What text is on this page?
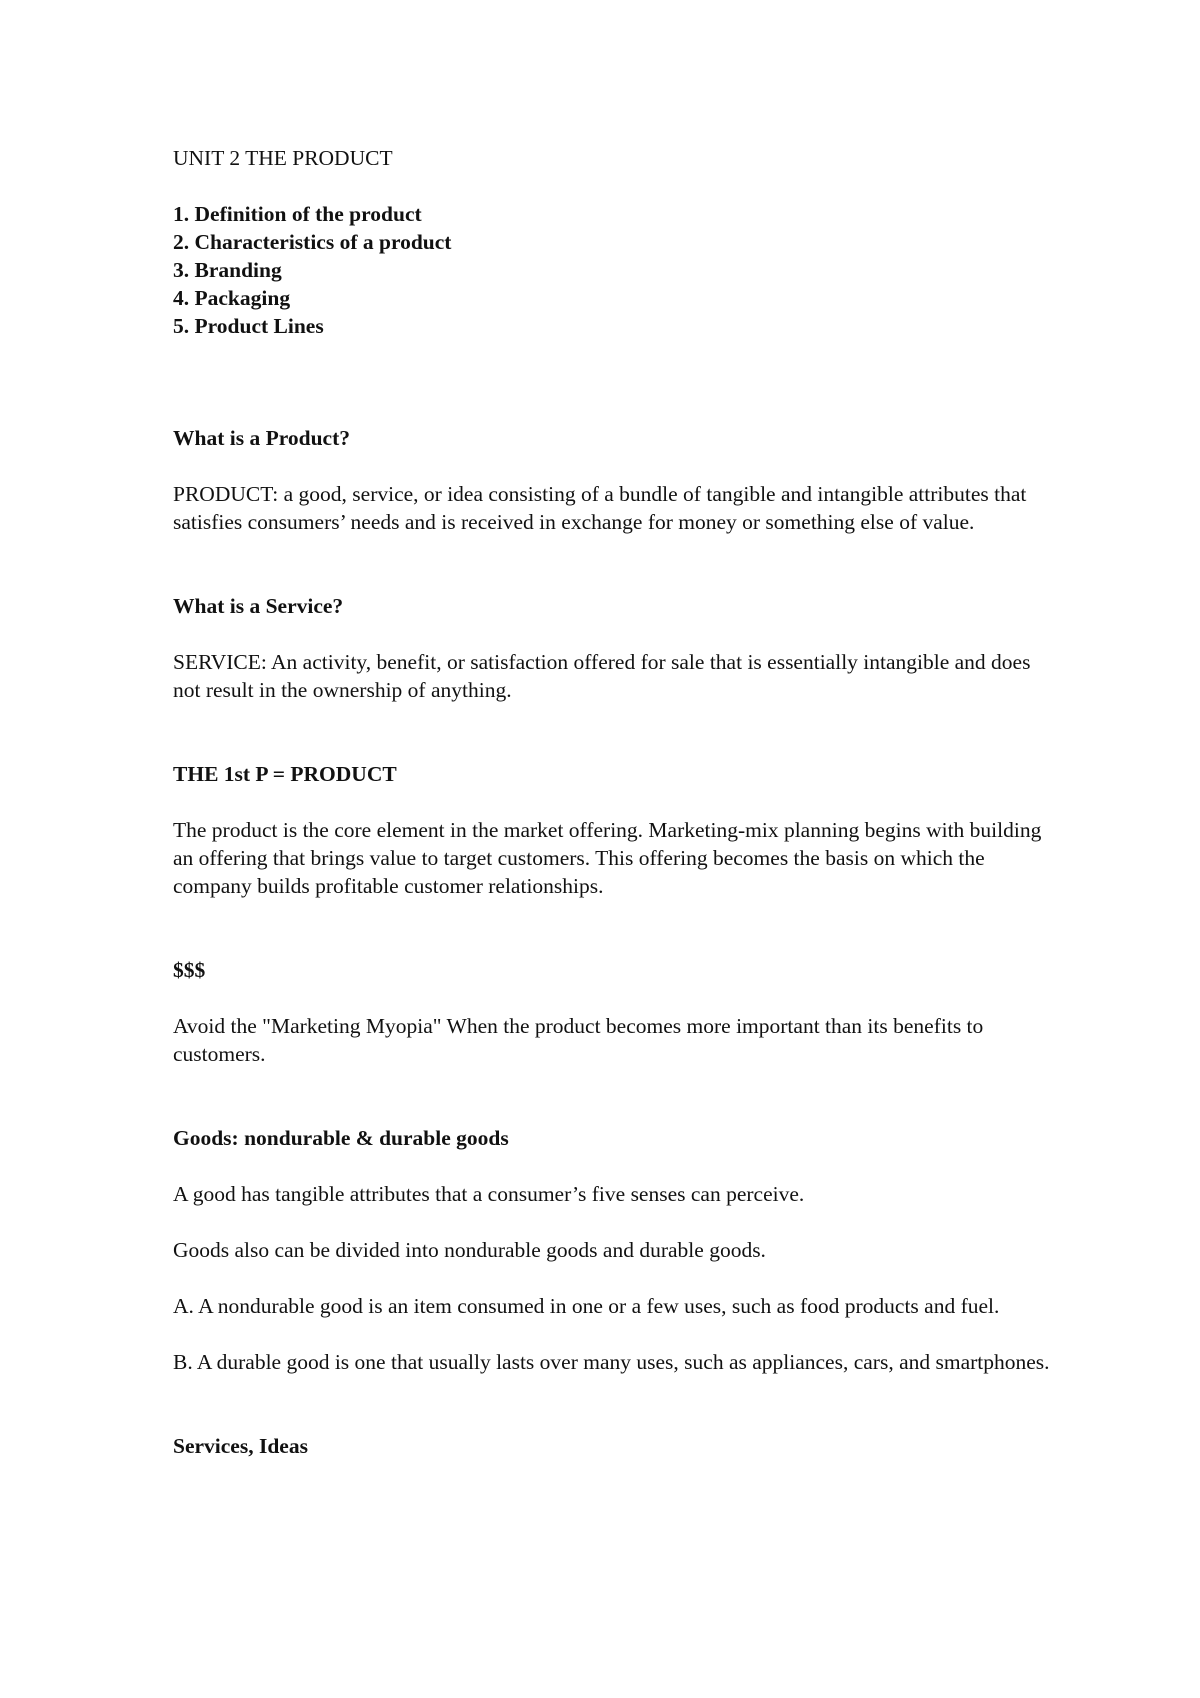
UNIT 2 THE PRODUCT

1. Definition of the product
2. Characteristics of a product
3. Branding
4. Packaging
5. Product Lines

What is a Product?

PRODUCT: a good, service, or idea consisting of a bundle of tangible and intangible attributes that satisfies consumers’ needs and is received in exchange for money or something else of value.

What is a Service?

SERVICE: An activity, benefit, or satisfaction offered for sale that is essentially intangible and does not result in the ownership of anything.

THE 1st P = PRODUCT

The product is the core element in the market offering. Marketing-mix planning begins with building an offering that brings value to target customers. This offering becomes the basis on which the company builds profitable customer relationships.

$$$

Avoid the "Marketing Myopia" When the product becomes more important than its benefits to customers.

Goods: nondurable & durable goods

A good has tangible attributes that a consumer’s five senses can perceive.

Goods also can be divided into nondurable goods and durable goods.

A. A nondurable good is an item consumed in one or a few uses, such as food products and fuel.

B. A durable good is one that usually lasts over many uses, such as appliances, cars, and smartphones.

Services, Ideas
